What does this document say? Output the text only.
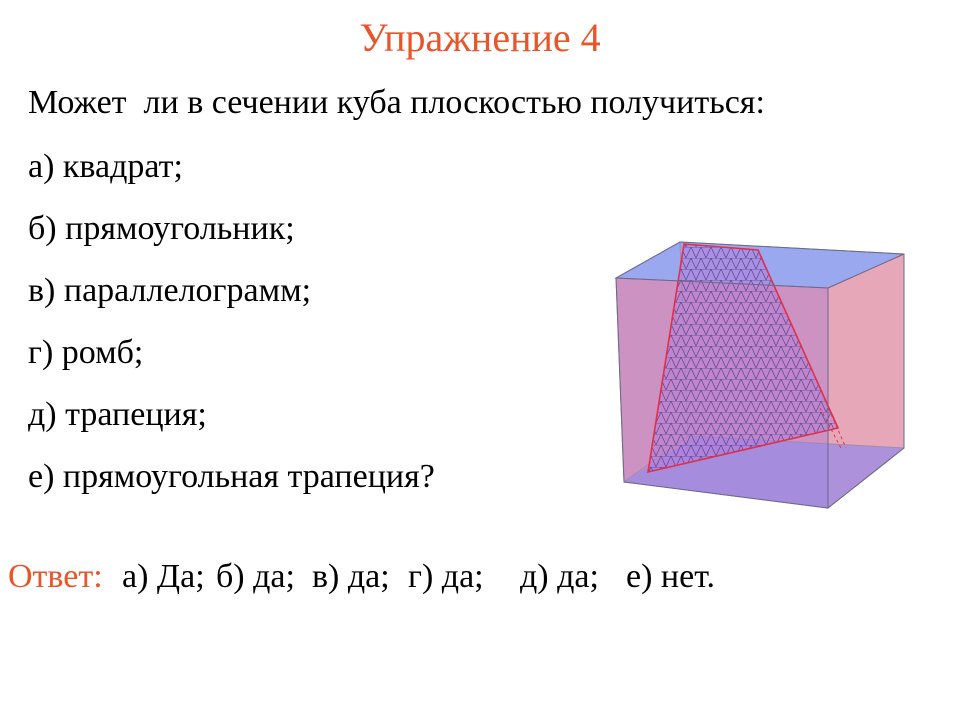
Упражнение 4
Может  ли в сечении куба плоскостью получиться:
а) квадрат;
б) прямоугольник;
в) параллелограмм;
г) ромб;
д) трапеция;
е) прямоугольная трапеция?
Ответ: а) Да; б) да; в) да; г) да; д) да; е) нет.
